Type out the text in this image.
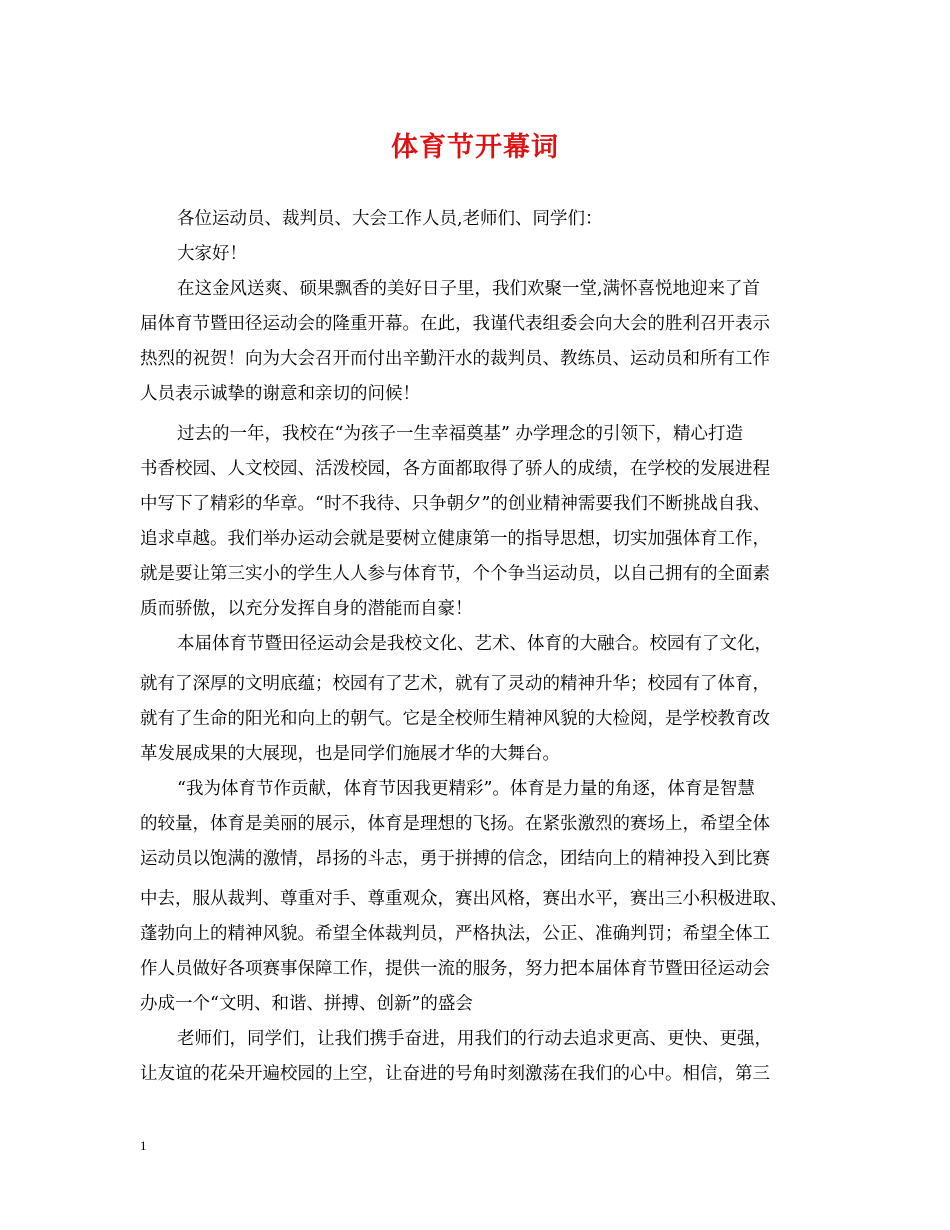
体育节开幕词
各位运动员、裁判员、大会工作人员,老师们、同学们：
大家好！
在这金风送爽、硕果飘香的美好日子里，我们欢聚一堂,满怀喜悦地迎来了首
届体育节暨田径运动会的隆重开幕。在此，我谨代表组委会向大会的胜利召开表示
热烈的祝贺！向为大会召开而付出辛勤汗水的裁判员、教练员、运动员和所有工作
人员表示诚挚的谢意和亲切的问候！
过去的一年，我校在“为孩子一生幸福奠基” 办学理念的引领下，精心打造
书香校园、人文校园、活泼校园，各方面都取得了骄人的成绩，在学校的发展进程
中写下了精彩的华章。“时不我待、只争朝夕”的创业精神需要我们不断挑战自我、
追求卓越。我们举办运动会就是要树立健康第一的指导思想，切实加强体育工作，
就是要让第三实小的学生人人参与体育节，个个争当运动员，以自己拥有的全面素
质而骄傲，以充分发挥自身的潜能而自豪！
本届体育节暨田径运动会是我校文化、艺术、体育的大融合。校园有了文化，
就有了深厚的文明底蕴；校园有了艺术，就有了灵动的精神升华；校园有了体育，
就有了生命的阳光和向上的朝气。它是全校师生精神风貌的大检阅，是学校教育改
革发展成果的大展现，也是同学们施展才华的大舞台。
“我为体育节作贡献，体育节因我更精彩”。体育是力量的角逐，体育是智慧
的较量，体育是美丽的展示，体育是理想的飞扬。在紧张激烈的赛场上，希望全体
运动员以饱满的激情，昂扬的斗志，勇于拼搏的信念，团结向上的精神投入到比赛
中去，服从裁判、尊重对手、尊重观众，赛出风格，赛出水平，赛出三小积极进取、
蓬勃向上的精神风貌。希望全体裁判员，严格执法，公正、准确判罚；希望全体工
作人员做好各项赛事保障工作，提供一流的服务，努力把本届体育节暨田径运动会
办成一个“文明、和谐、拼搏、创新”的盛会
老师们，同学们，让我们携手奋进，用我们的行动去追求更高、更快、更强，
让友谊的花朵开遍校园的上空，让奋进的号角时刻激荡在我们的心中。相信，第三
1
